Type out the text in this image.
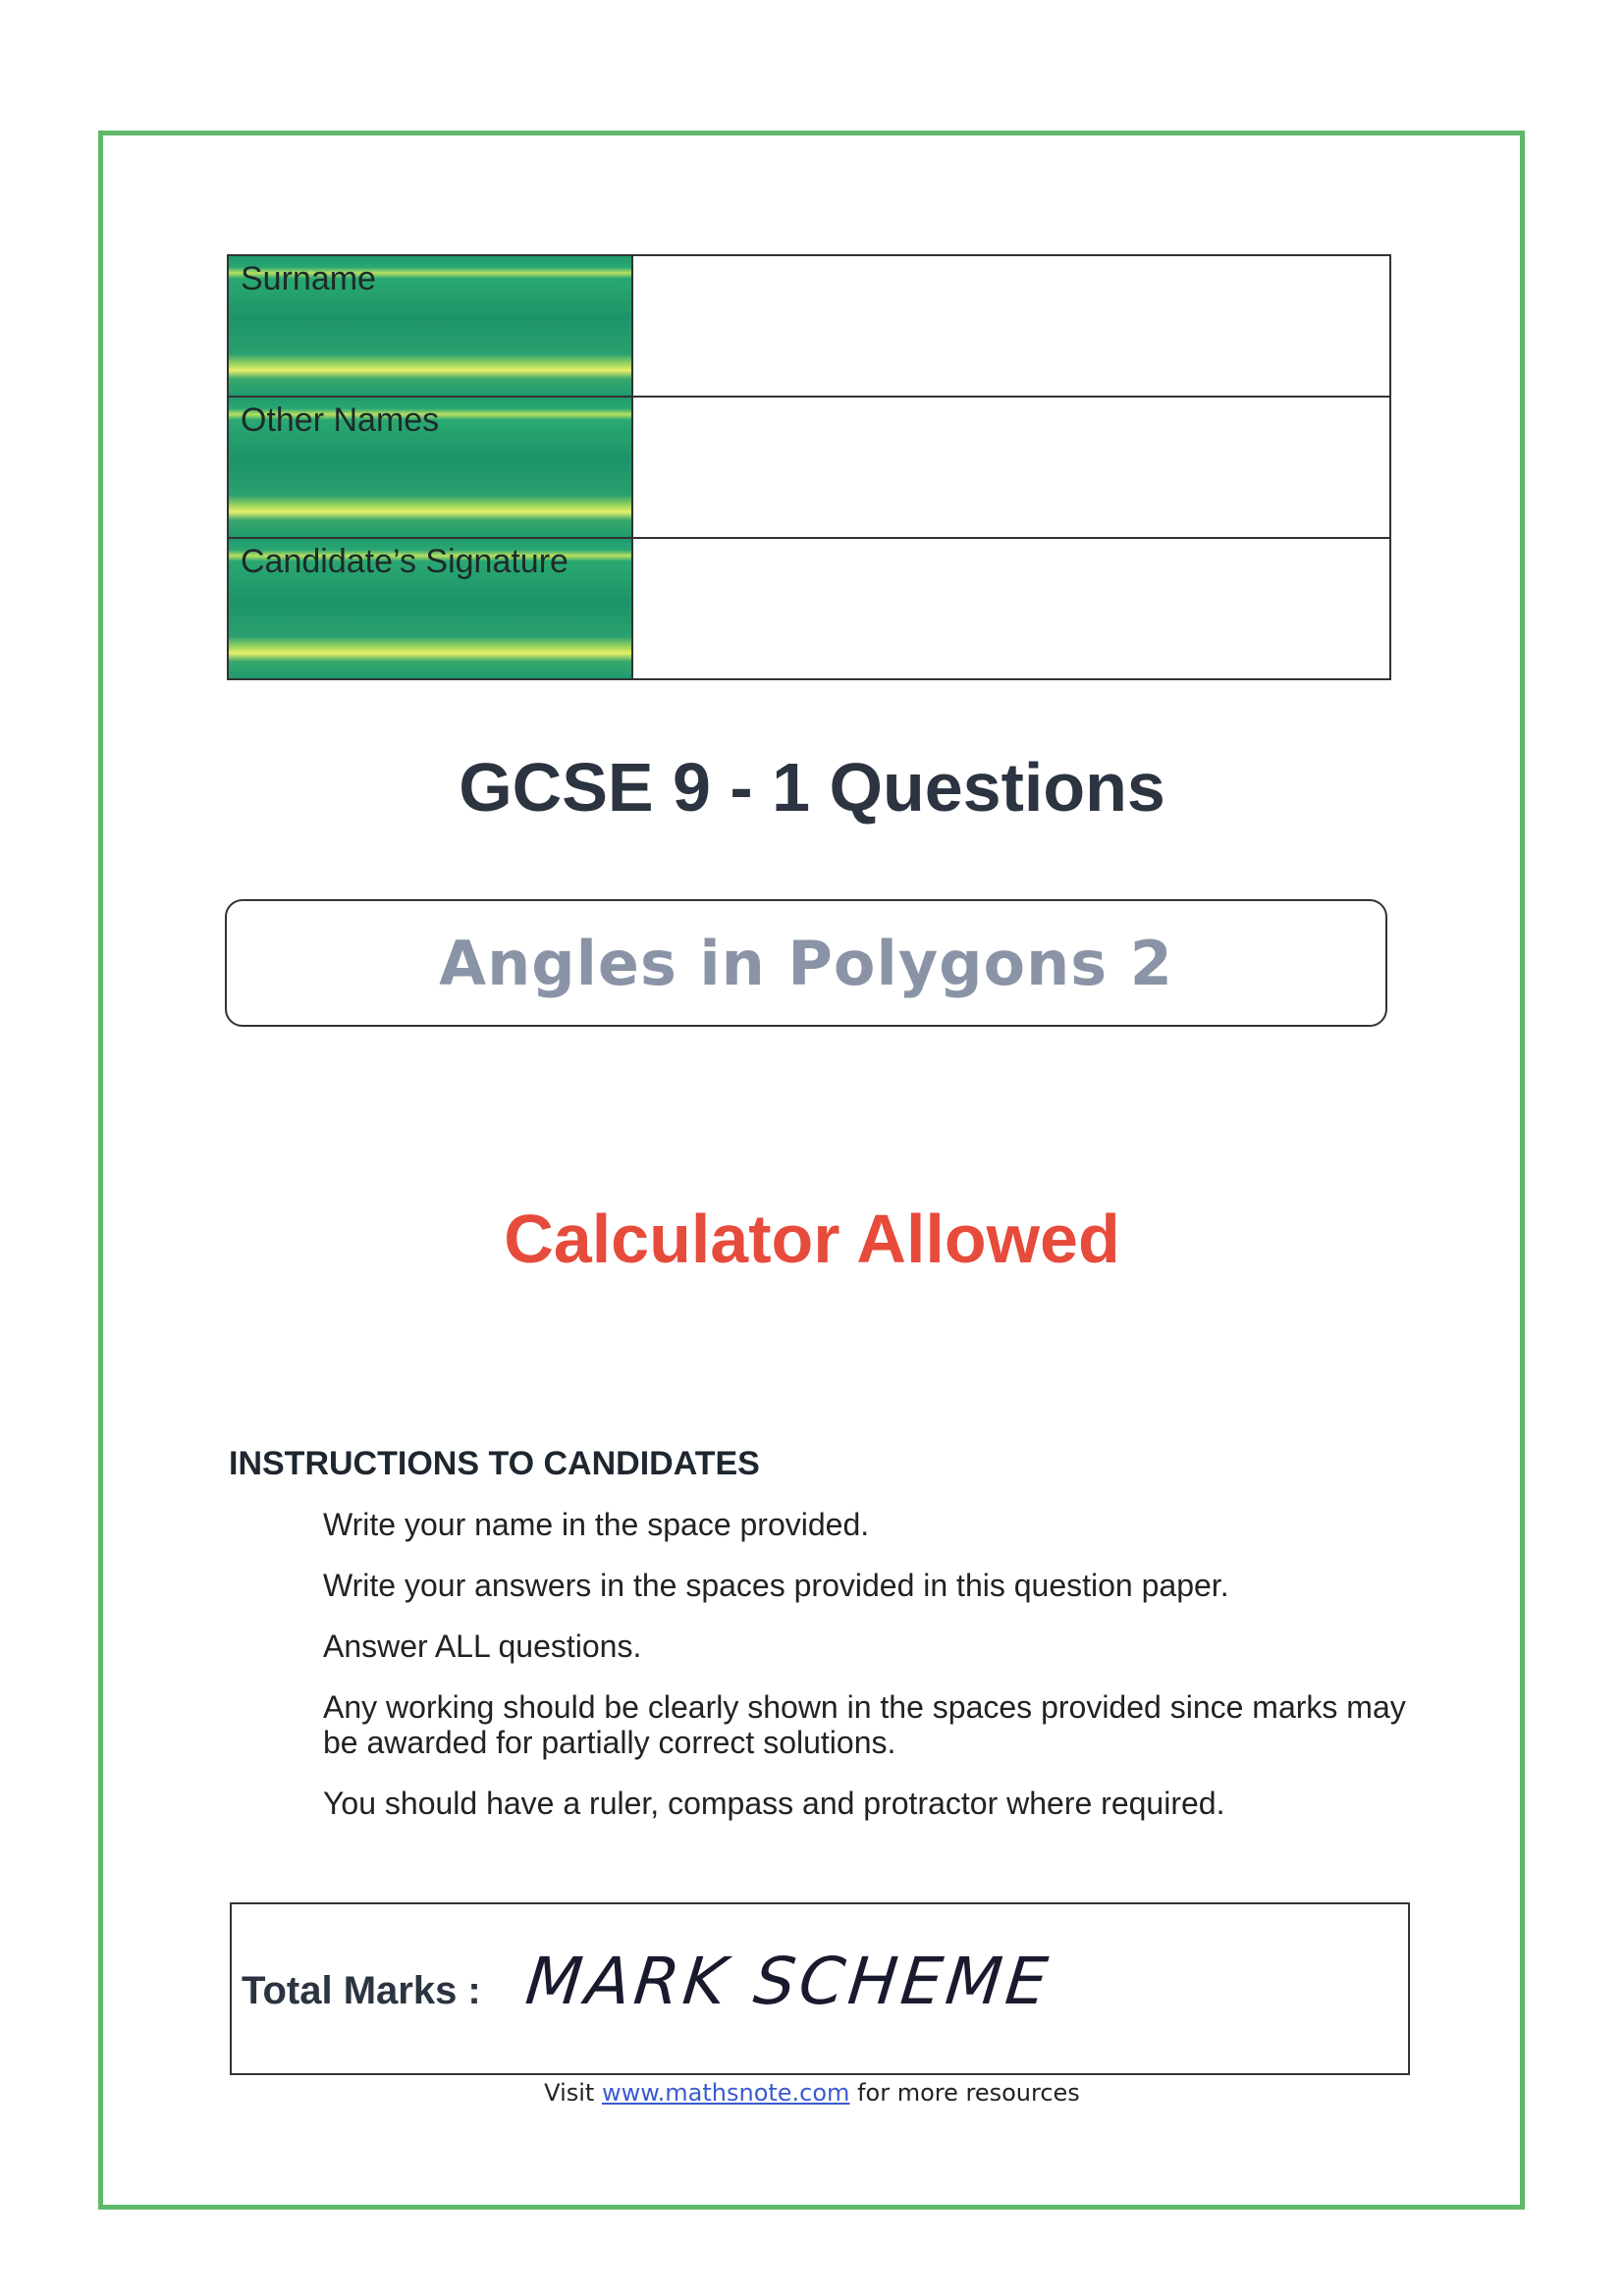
Surname	
Other Names	
Candidate’s Signature	
GCSE 9 - 1 Questions
Angles in Polygons 2
Calculator Allowed
INSTRUCTIONS TO CANDIDATES
Write your name in the space provided.
Write your answers in the spaces provided in this question paper.
Answer ALL questions.
Any working should be clearly shown in the spaces provided since marks may be awarded for partially correct solutions.
You should have a ruler, compass and protractor where required.
Total Marks : MARK SCHEME
Visit www.mathsnote.com for more resources
